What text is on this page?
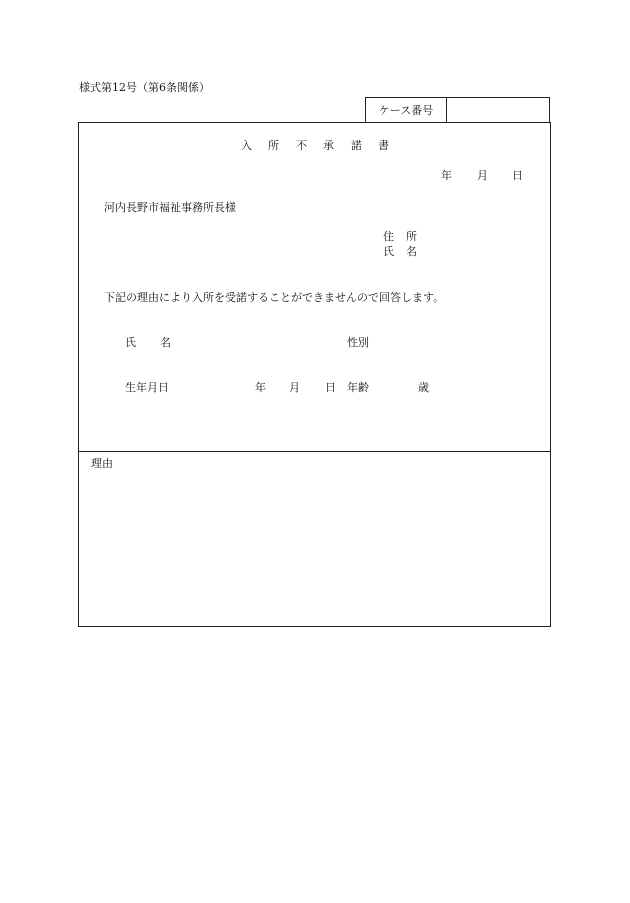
様式第12号（第6条関係）
ケース番号
入 所 不 承 諾 書
年 月 日
河内長野市福祉事務所長様
住 所
氏 名
下記の理由により入所を受諾することができませんので回答します。
氏 名	性別
生年月日	年 月 日 年齢	歳
理由
